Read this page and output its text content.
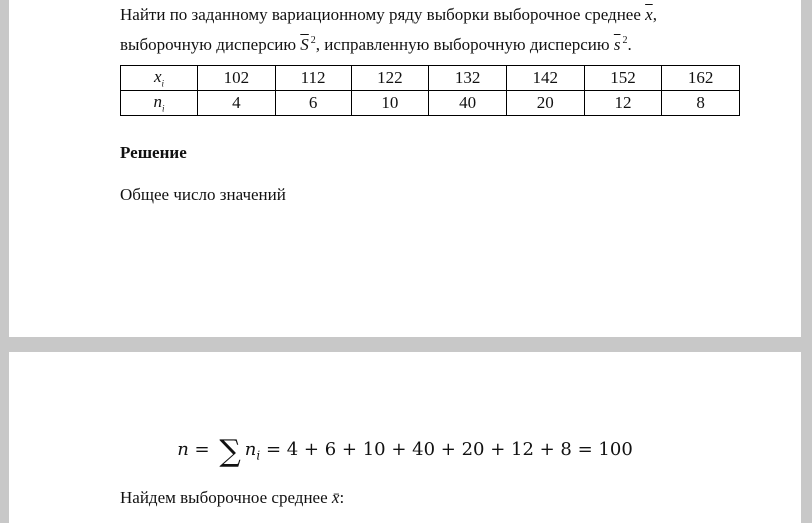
Найти по заданному вариационному ряду выборки выборочное среднее $\overline{x}$,
выборочную дисперсию $\overline{S}$ $^2$, исправленную выборочную дисперсию $\overline{s}$ $^2$.
$x_i$	102	112	122	132	142	152	162
$n_i$	4	6	10	40	20	12	8
Решение
Общее число значений
n = ∑ $n_i = 4 + 6 + 10 + 40 + 20 + 12 + 8 = 100$
Найдем выборочное среднее x̄:
